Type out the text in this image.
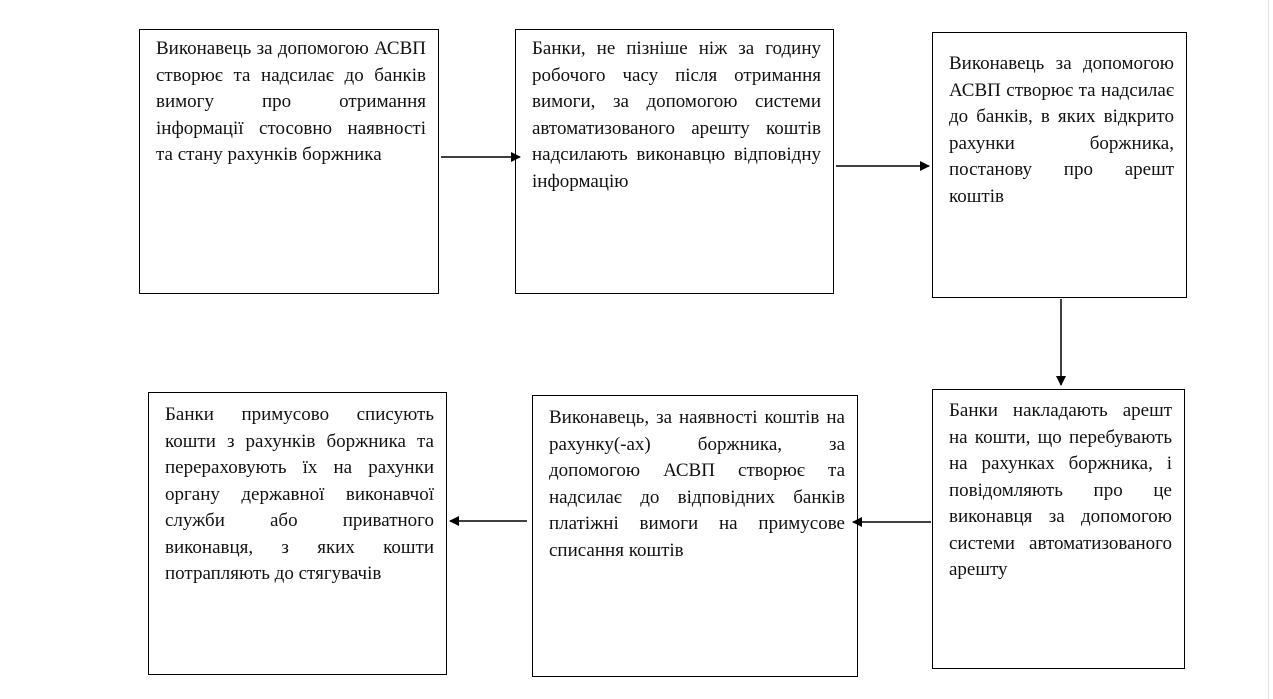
Виконавець за допомогою АСВП створює та надсилає до банків вимогу про отримання інформації стосовно наявності та стану рахунків боржника
Банки, не пізніше ніж за годину робочого часу після отримання вимоги, за допомогою системи автоматизованого арешту коштів надсилають виконавцю відповідну інформацію
Виконавець за допомогою АСВП створює та надсилає до банків, в яких відкрито рахунки боржника, постанову про арешт коштів
Банки накладають арешт на кошти, що перебувають на рахунках боржника, і повідомляють про це виконавця за допомогою системи автоматизованого арешту
Виконавець, за наявності коштів на рахунку(-ах) боржника, за допомогою АСВП створює та надсилає до відповідних банків платіжні вимоги на примусове списання коштів
Банки примусово списують кошти з рахунків боржника та перераховують їх на рахунки органу державної виконавчої служби або приватного виконавця, з яких кошти потрапляють до стягувачів
